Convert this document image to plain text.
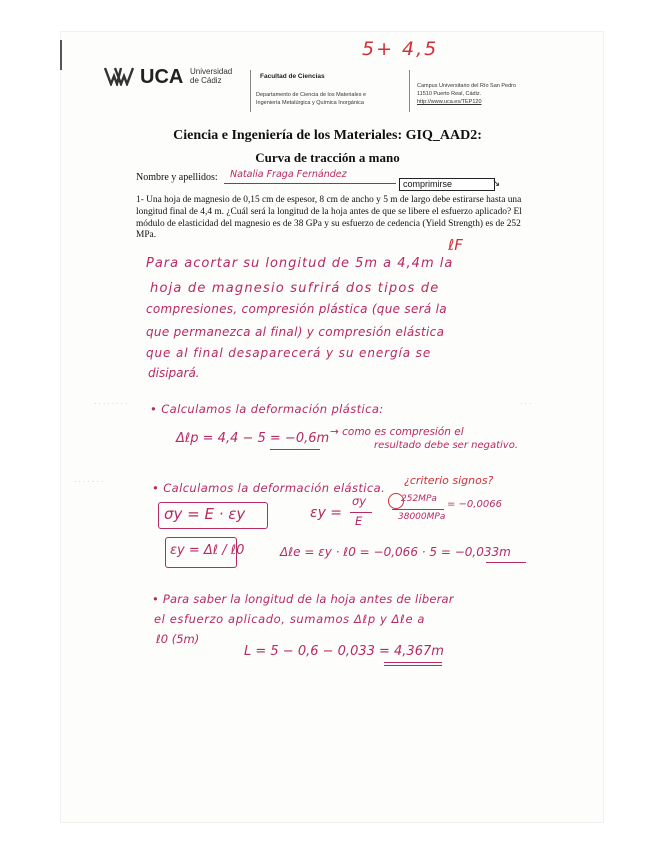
5+ 4,5
UCA Universidad
de Cádiz	Facultad de Ciencias
Departamento de Ciencia de los Materiales e
Ingeniería Metalúrgica y Química Inorgánica
Campus Universitario del Río San Pedro
11510 Puerto Real, Cádiz.
http://www.uca.es/TEP120
Ciencia e Ingeniería de los Materiales: GIQ_AAD2:
Curva de tracción a mano
Nombre y apellidos: Natalia Fraga Fernández
comprimirse	↘
1- Una hoja de magnesio de 0,15 cm de espesor, 8 cm de ancho y 5 m de largo debe estirarse hasta una longitud final de 4,4 m. ¿Cuál será la longitud de la hoja antes de que se libere el esfuerzo aplicado? El módulo de elasticidad del magnesio es de 38 GPa y su esfuerzo de cedencia (Yield Strength) es de 252 MPa.
ℓF
Para acortar su longitud de 5m a 4,4m la
hoja de magnesio sufrirá dos tipos de
compresiones, compresión plástica (que será la
que permanezca al final) y compresión elástica
que al final desaparecerá y su energía se
disipará.
· · · · · · · ·
· · · · · · ·
· · ·
• Calculamos la deformación plástica:
Δℓp = 4,4 − 5 = −0,6m → como es compresión el
resultado debe ser negativo.
• Calculamos la deformación elástica.
¿criterio signos?
σy = E · εy
εy = Δℓ / ℓ0
εy =
σy
E
252MPa
38000MPa
= −0,0066
Δℓe = εy · ℓ0 = −0,066 · 5 = −0,033m
• Para saber la longitud de la hoja antes de liberar
el esfuerzo aplicado, sumamos Δℓp y Δℓe a
ℓ0 (5m)
L = 5 − 0,6 − 0,033 = 4,367m
